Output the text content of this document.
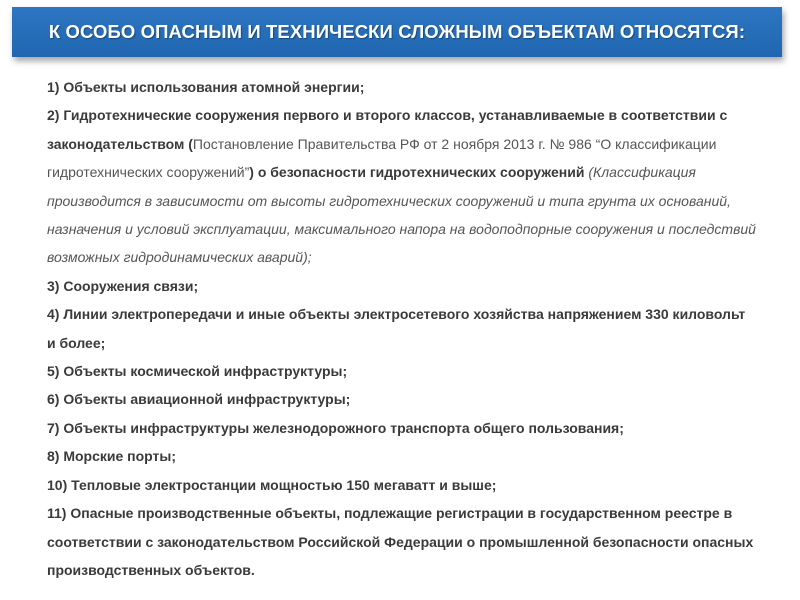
К ОСОБО ОПАСНЫМ И ТЕХНИЧЕСКИ СЛОЖНЫМ ОБЪЕКТАМ ОТНОСЯТСЯ:
1) Объекты использования атомной энергии;
2) Гидротехнические сооружения первого и второго классов, устанавливаемые в соответствии с законодательством (Постановление Правительства РФ от 2 ноября 2013 г. № 986 “О классификации гидротехнических сооружений”) о безопасности гидротехнических сооружений (Классификация производится в зависимости от высоты гидротехнических сооружений и типа грунта их оснований, назначения и условий эксплуатации, максимального напора на водоподпорные сооружения и последствий возможных гидродинамических аварий);
3) Сооружения связи;
4) Линии электропередачи и иные объекты электросетевого хозяйства напряжением 330 киловольт и более;
5) Объекты космической инфраструктуры;
6) Объекты авиационной инфраструктуры;
7) Объекты инфраструктуры железнодорожного транспорта общего пользования;
8) Морские порты;
10) Тепловые электростанции мощностью 150 мегаватт и выше;
11) Опасные производственные объекты, подлежащие регистрации в государственном реестре в соответствии с законодательством Российской Федерации о промышленной безопасности опасных производственных объектов.
